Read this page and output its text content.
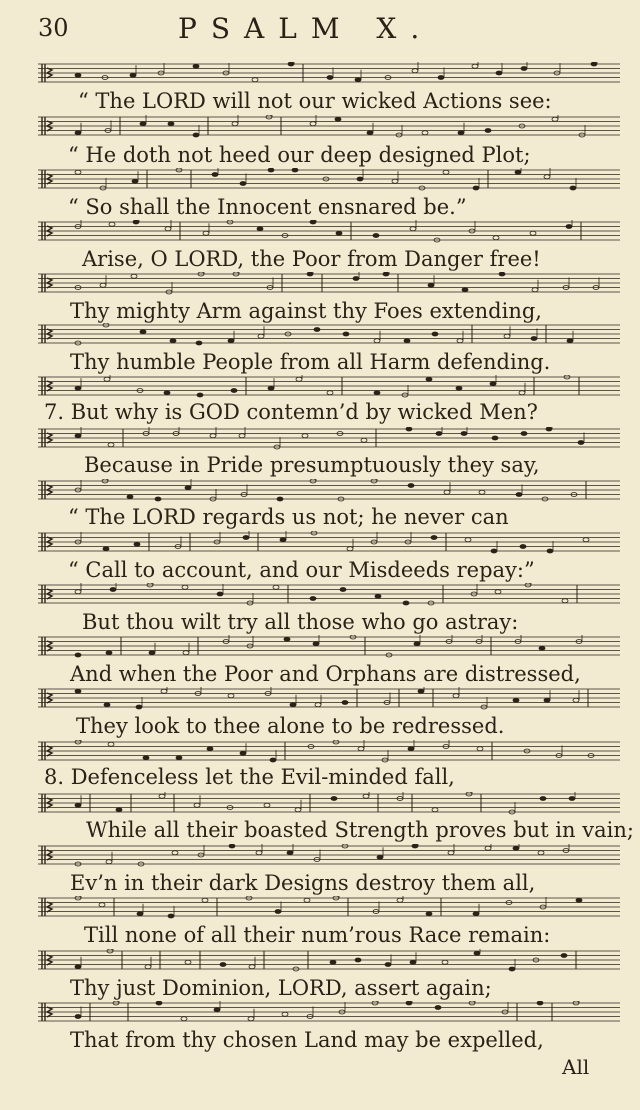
30	PSALM X.
“ The LORD will not our wicked Actions see:
“ He doth not heed our deep designed Plot;
“ So shall the Innocent ensnared be.”
Arise, O LORD, the Poor from Danger free!
Thy mighty Arm against thy Foes extending,
Thy humble People from all Harm defending.
7. But why is GOD contemn’d by wicked Men?
Because in Pride presumptuously they say,
“ The LORD regards us not; he never can
“ Call to account, and our Misdeeds repay:”
But thou wilt try all those who go astray:
And when the Poor and Orphans are distressed,
They look to thee alone to be redressed.
8. Defenceless let the Evil-minded fall,
While all their boasted Strength proves but in vain;
Ev’n in their dark Designs destroy them all,
Till none of all their num’rous Race remain:
Thy just Dominion, LORD, assert again;
That from thy chosen Land may be expelled,
All
